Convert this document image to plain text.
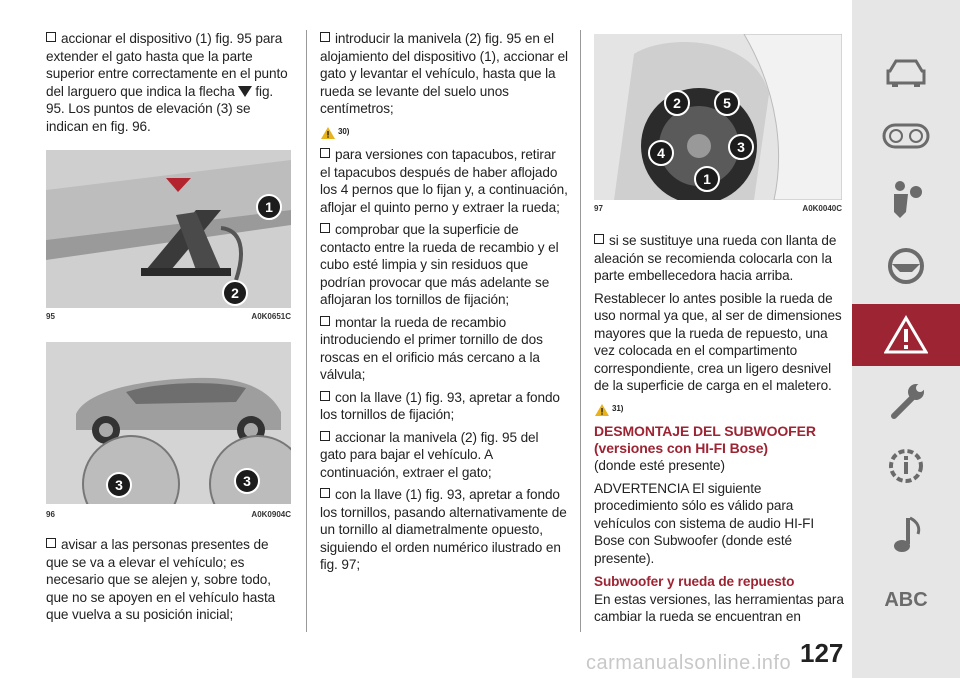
accionar el dispositivo (1) fig. 95 para extender el gato hasta que la parte superior entre correctamente en el punto del larguero que indica la flecha fig. 95. Los puntos de elevación (3) se indican en fig. 96.

1
2
95	A0K0651C
3	3
96	A0K0904C

avisar a las personas presentes de que se va a elevar el vehículo; es necesario que se alejen y, sobre todo, que no se apoyen en el vehículo hasta que vuelva a su posición inicial;

introducir la manivela (2) fig. 95 en el alojamiento del dispositivo (1), accionar el gato y levantar el vehículo, hasta que la rueda se levante del suelo unos centímetros;

30)

para versiones con tapacubos, retirar el tapacubos después de haber aflojado los 4 pernos que lo fijan y, a continuación, aflojar el quinto perno y extraer la rueda;

comprobar que la superficie de contacto entre la rueda de recambio y el cubo esté limpia y sin residuos que podrían provocar que más adelante se aflojaran los tornillos de fijación;

montar la rueda de recambio introduciendo el primer tornillo de dos roscas en el orificio más cercano a la válvula;

con la llave (1) fig. 93, apretar a fondo los tornillos de fijación;

accionar la manivela (2) fig. 95 del gato para bajar el vehículo. A continuación, extraer el gato;

con la llave (1) fig. 93, apretar a fondo los tornillos, pasando alternativamente de un tornillo al diametralmente opuesto, siguiendo el orden numérico ilustrado en fig. 97;

2	5
3
4
1
97	A0K0040C

si se sustituye una rueda con llanta de aleación se recomienda colocarla con la parte embellecedora hacia arriba.

Restablecer lo antes posible la rueda de uso normal ya que, al ser de dimensiones mayores que la rueda de repuesto, una vez colocada en el compartimento correspondiente, crea un ligero desnivel de la superficie de carga en el maletero.

31)
DESMONTAJE DEL SUBWOOFER
(versiones con HI-FI Bose)

(donde esté presente)

ADVERTENCIA El siguiente procedimiento sólo es válido para vehículos con sistema de audio HI-FI Bose con Subwoofer (donde esté presente).

Subwoofer y rueda de repuesto

En estas versiones, las herramientas para cambiar la rueda se encuentran en

ABC
127
carmanualsonline.info
